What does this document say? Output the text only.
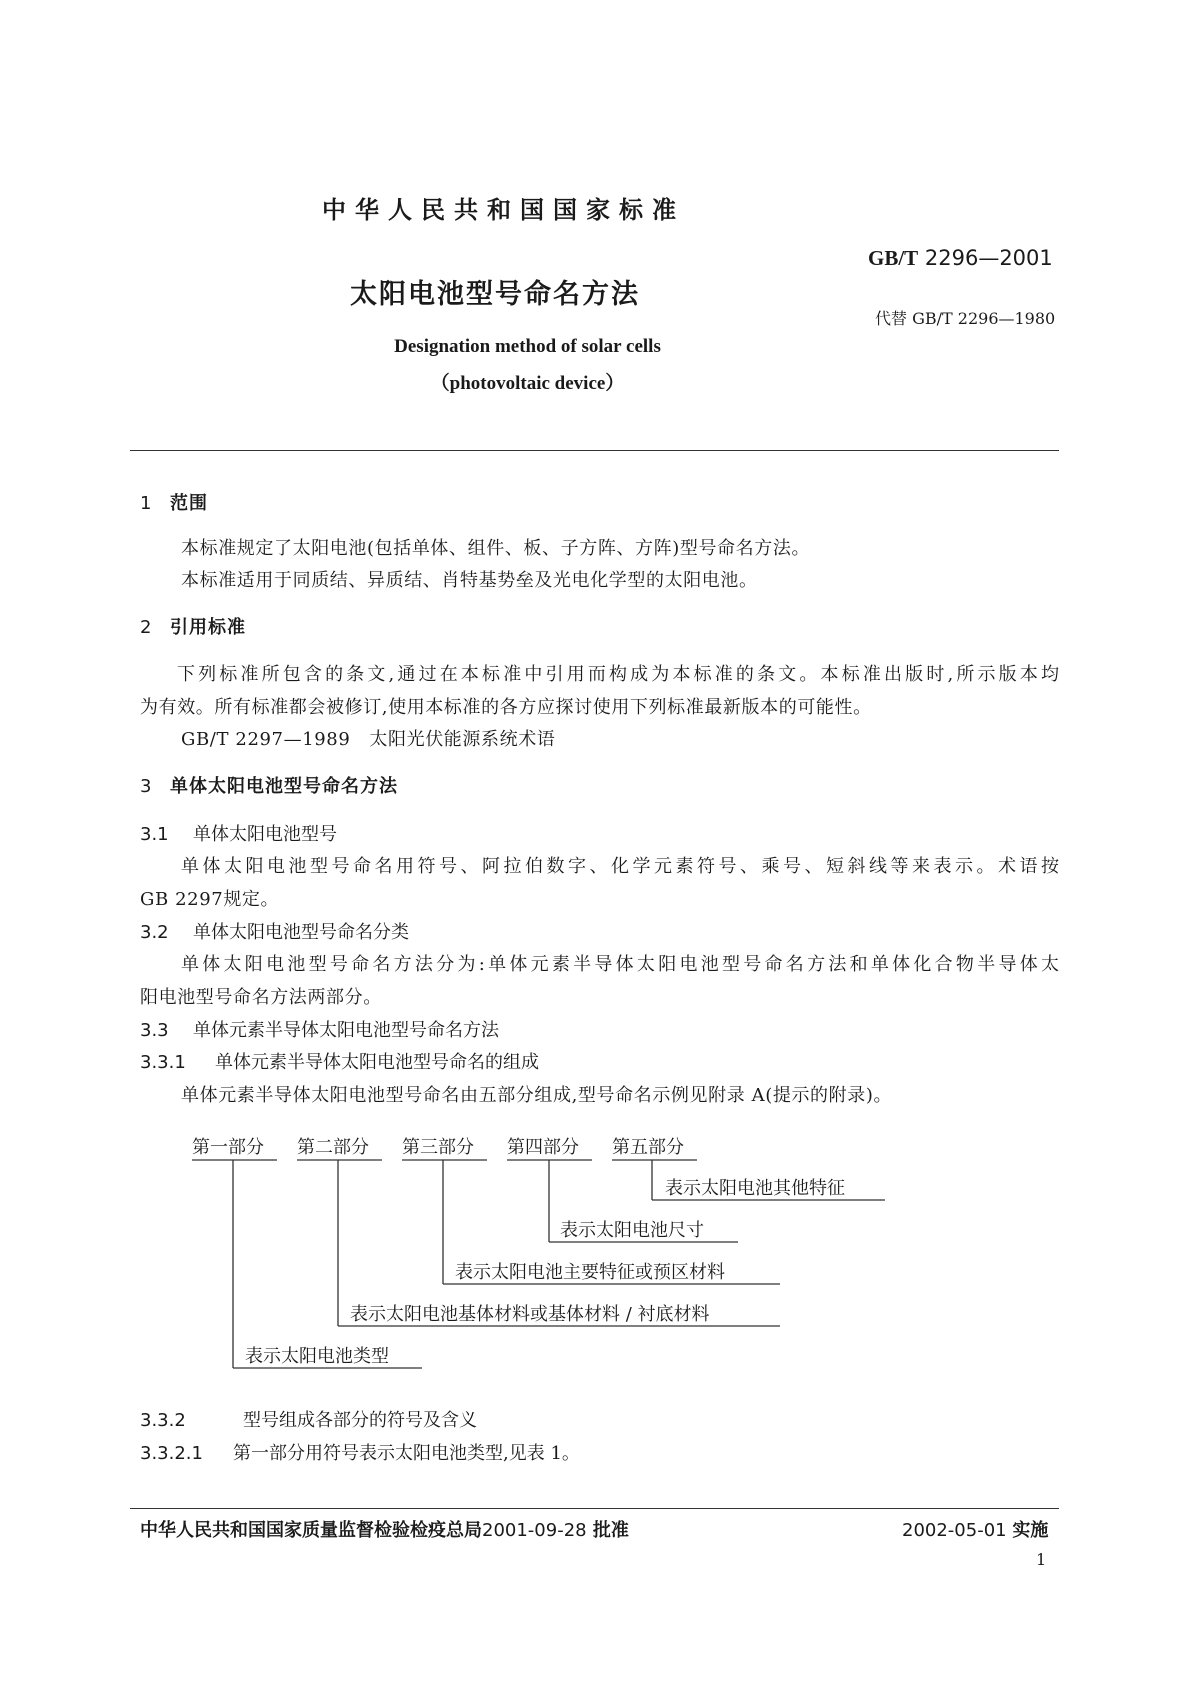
中华人民共和国国家标准
GB/T 2296—2001
太阳电池型号命名方法
代替 GB/T 2296—1980
Designation method of solar cells
（photovoltaic device）
1 范围
本标准规定了太阳电池(包括单体、组件、板、子方阵、方阵)型号命名方法。
本标准适用于同质结、异质结、肖特基势垒及光电化学型的太阳电池。
2 引用标准
下列标准所包含的条文,通过在本标准中引用而构成为本标准的条文。本标准出版时,所示版本均
为有效。所有标准都会被修订,使用本标准的各方应探讨使用下列标准最新版本的可能性。
GB/T 2297—1989 太阳光伏能源系统术语
3 单体太阳电池型号命名方法
3.1 单体太阳电池型号
单体太阳电池型号命名用符号、阿拉伯数字、化学元素符号、乘号、短斜线等来表示。术语按
GB 2297规定。
3.2 单体太阳电池型号命名分类
单体太阳电池型号命名方法分为:单体元素半导体太阳电池型号命名方法和单体化合物半导体太
阳电池型号命名方法两部分。
3.3 单体元素半导体太阳电池型号命名方法
3.3.1 单体元素半导体太阳电池型号命名的组成
单体元素半导体太阳电池型号命名由五部分组成,型号命名示例见附录 A(提示的附录)。
第一部分 第二部分 第三部分 第四部分 第五部分
表示太阳电池其他特征
表示太阳电池尺寸
表示太阳电池主要特征或预区材料
表示太阳电池基体材料或基体材料 / 衬底材料
表示太阳电池类型
3.3.2	型号组成各部分的符号及含义
3.3.2.1 第一部分用符号表示太阳电池类型,见表 1。
中华人民共和国国家质量监督检验检疫总局2001-09-28 批准	2002-05-01 实施
1
